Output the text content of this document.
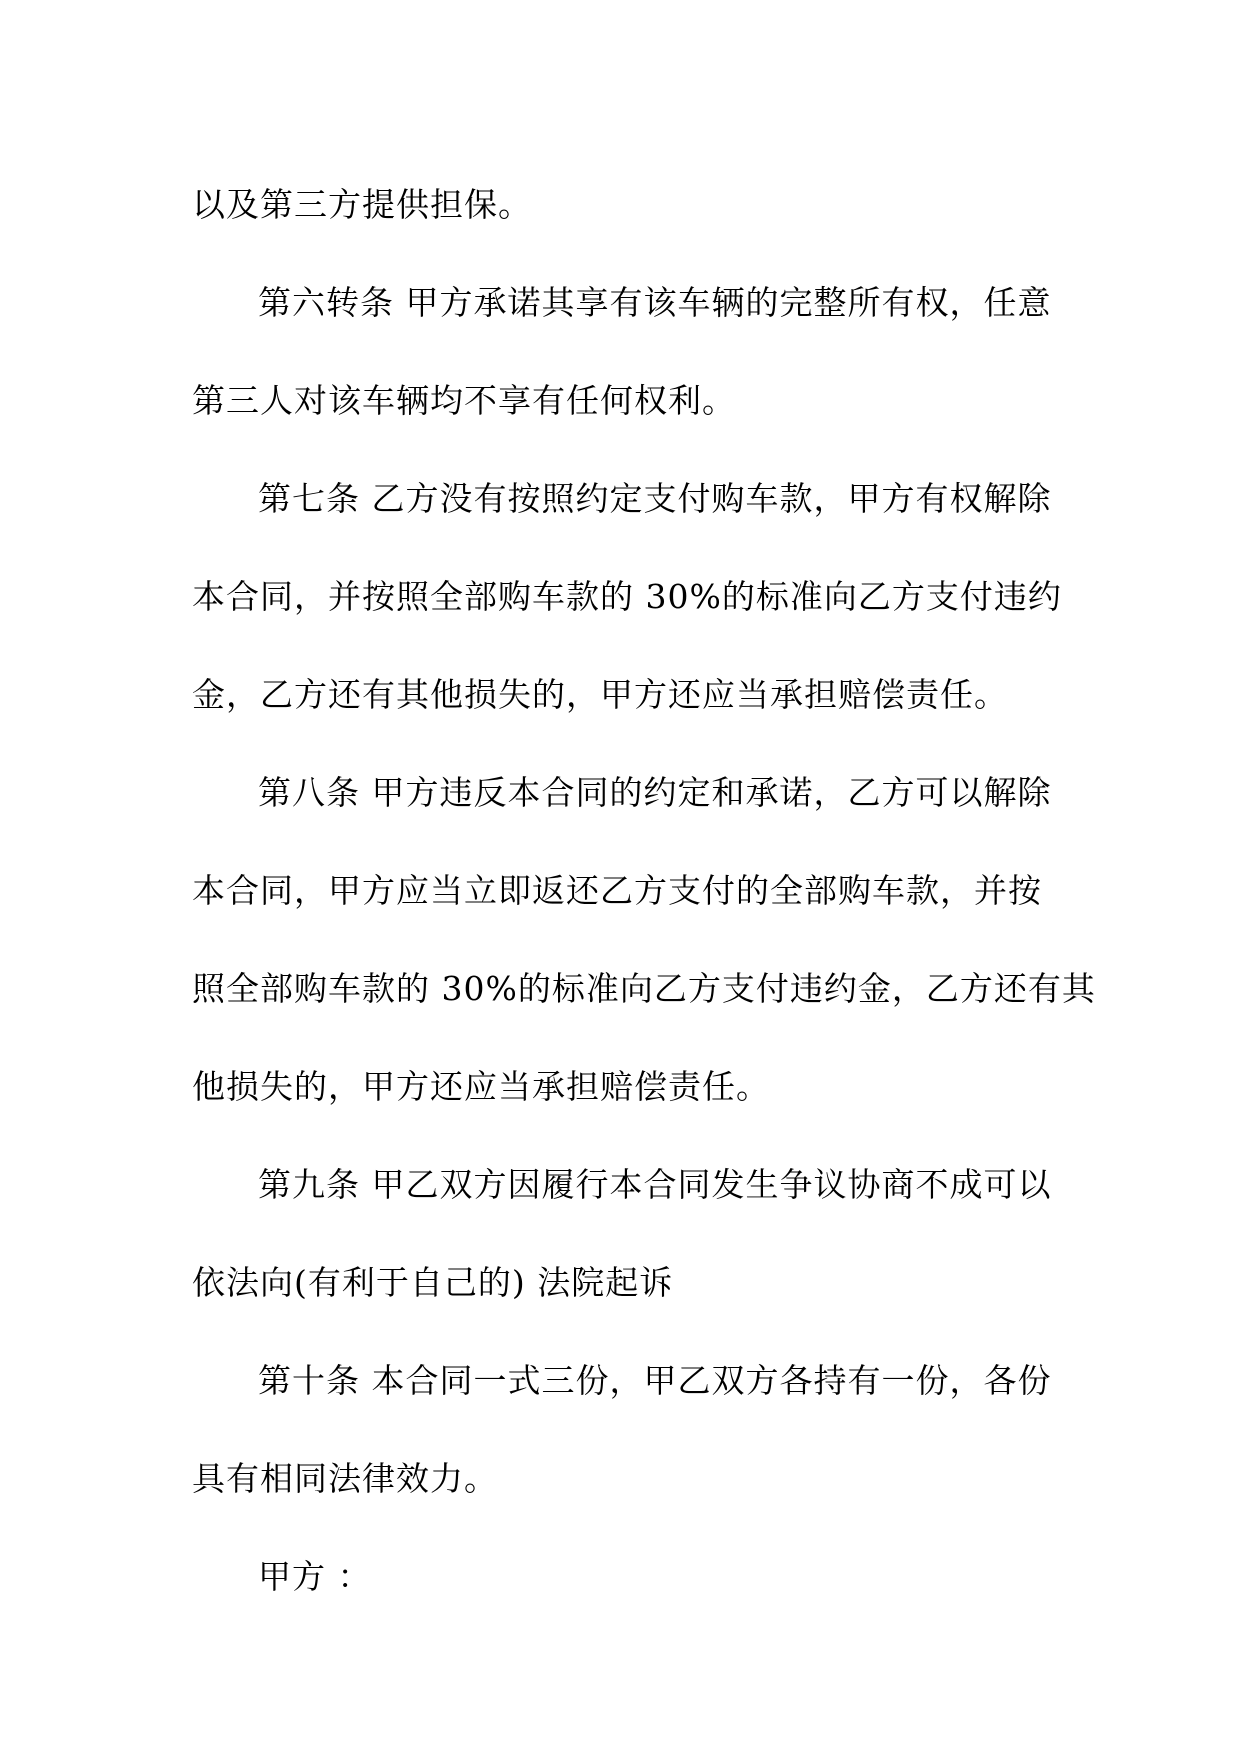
以及第三方提供担保。
第六转条 甲方承诺其享有该车辆的完整所有权，任意
第三人对该车辆均不享有任何权利。
第七条 乙方没有按照约定支付购车款，甲方有权解除
本合同，并按照全部购车款的 30%的标准向乙方支付违约
金，乙方还有其他损失的，甲方还应当承担赔偿责任。
第八条 甲方违反本合同的约定和承诺，乙方可以解除
本合同，甲方应当立即返还乙方支付的全部购车款，并按
照全部购车款的 30%的标准向乙方支付违约金，乙方还有其
他损失的，甲方还应当承担赔偿责任。
第九条 甲乙双方因履行本合同发生争议协商不成可以
依法向(有利于自己的) 法院起诉
第十条 本合同一式三份，甲乙双方各持有一份，各份
具有相同法律效力。
甲方 ：
